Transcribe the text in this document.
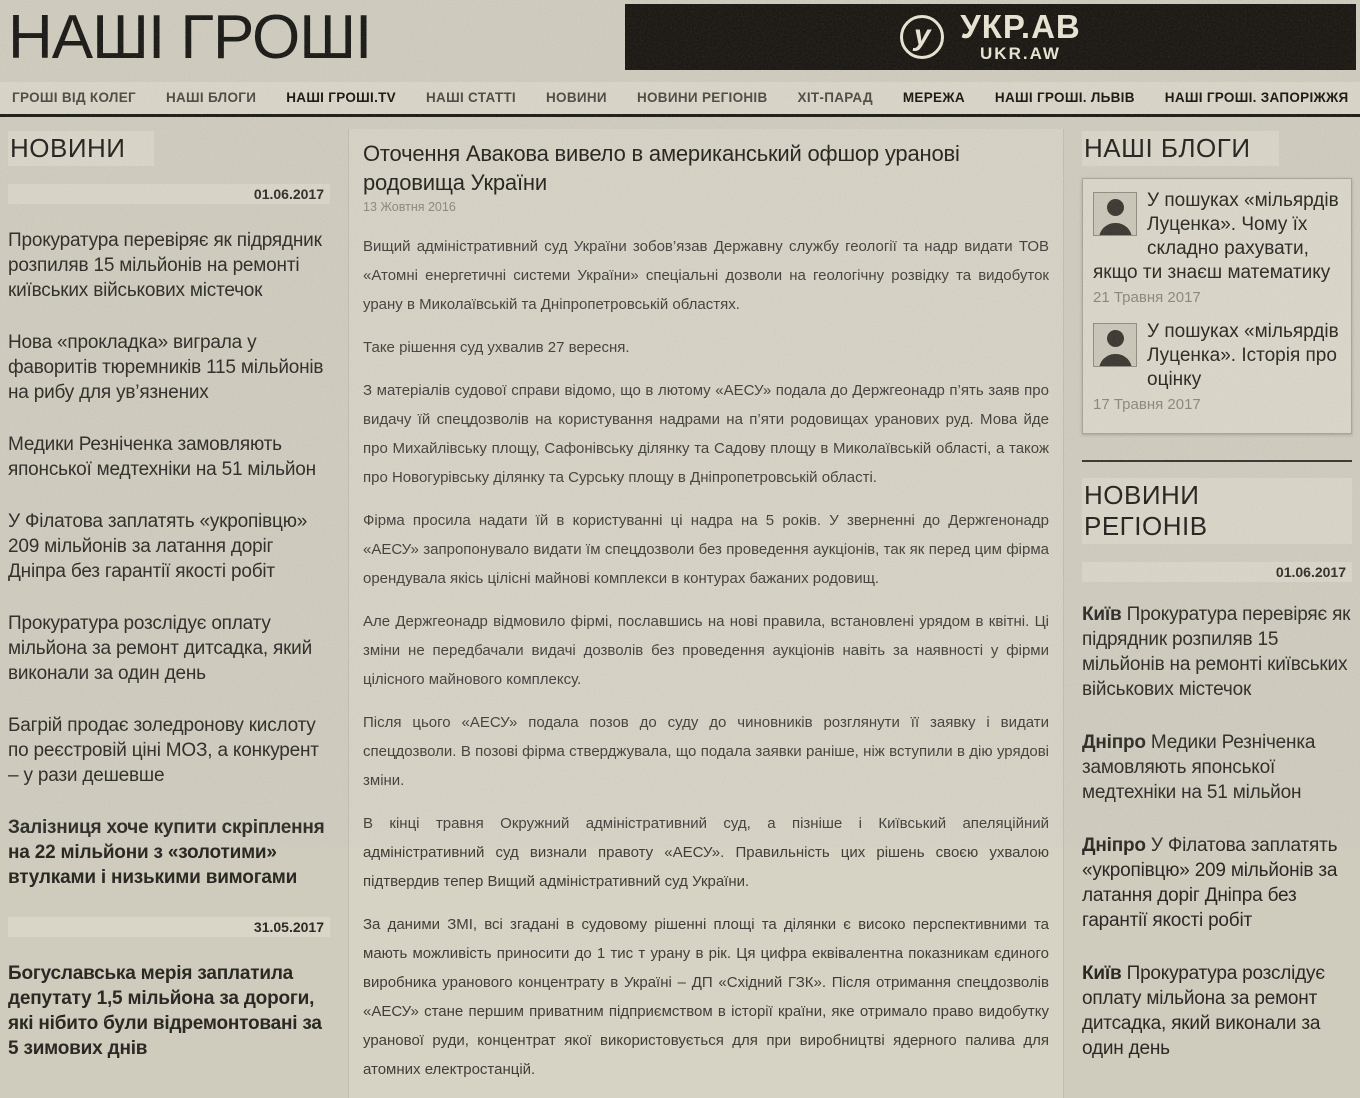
НАШІ ГРОШІ	у УКР.АВ
UKR.AW
ГРОШІ ВІД КОЛЕГ НАШІ БЛОГИ НАШІ ГРОШІ.TV НАШІ СТАТТІ НОВИНИ НОВИНИ РЕГІОНІВ ХІТ-ПАРАД МЕРЕЖА НАШІ ГРОШІ. ЛЬВІВ НАШІ ГРОШІ. ЗАПОРІЖЖЯ
НОВИНИ
01.06.2017
Прокуратура перевіряє як підрядник розпиляв 15 мільйонів на ремонті київських військових містечок
Нова «прокладка» виграла у фаворитів тюремників 115 мільйонів на рибу для ув’язнених
Медики Резніченка замовляють японської медтехніки на 51 мільйон
У Філатова заплатять «укропівцю» 209 мільйонів за латання доріг Дніпра без гарантії якості робіт
Прокуратура розслідує оплату мільйона за ремонт дитсадка, який виконали за один день
Багрій продає золедронову кислоту по реєстровій ціні МОЗ, а конкурент – у рази дешевше
Залізниця хоче купити скріплення на 22 мільйони з «золотими» втулками і низькими вимогами
31.05.2017
Богуславська мерія заплатила депутату 1,5 мільйона за дороги, які нібито були відремонтовані за 5 зимових днів
Оточення Авакова вивело в американський офшор уранові родовища України
13 Жовтня 2016

Вищий адміністративний суд України зобов’язав Державну службу геології та надр видати ТОВ «Атомні енергетичні системи України» спеціальні дозволи на геологічну розвідку та видобуток урану в Миколаївській та Дніпропетровській областях.

Таке рішення суд ухвалив 27 вересня.

З матеріалів судової справи відомо, що в лютому «АЕСУ» подала до Держгеонадр п’ять заяв про видачу їй спецдозволів на користування надрами на п’яти родовищах уранових руд. Мова йде про Михайлівську площу, Сафонівську ділянку та Садову площу в Миколаївській області, а також про Новогурівську ділянку та Сурську площу в Дніпропетровській області.

Фірма просила надати їй в користуванні ці надра на 5 років. У зверненні до Держгенонадр «АЕСУ» запропонувало видати їм спецдозволи без проведення аукціонів, так як перед цим фірма орендувала якісь цілісні майнові комплекси в контурах бажаних родовищ.

Але Держгеонадр відмовило фірмі, пославшись на нові правила, встановлені урядом в квітні. Ці зміни не передбачали видачі дозволів без проведення аукціонів навіть за наявності у фірми цілісного майнового комплексу.

Після цього «АЕСУ» подала позов до суду до чиновників розглянути її заявку і видати спецдозволи. В позові фірма стверджувала, що подала заявки раніше, ніж вступили в дію урядові зміни.

В кінці травня Окружний адміністративний суд, а пізніше і Київський апеляційний адміністративний суд визнали правоту «АЕСУ». Правильність цих рішень своєю ухвалою підтвердив тепер Вищий адміністративний суд України.

За даними ЗМІ, всі згадані в судовому рішенні площі та ділянки є високо перспективними та мають можливість приносити до 1 тис т урану в рік. Ця цифра еквівалентна показникам єдиного виробника уранового концентрату в Україні – ДП «Східний ГЗК». Після отримання спецдозволів «АЕСУ» стане першим приватним підприємством в історії країни, яке отримало право видобутку уранової руди, концентрат якої використовується для при виробництві ядерного палива для атомних електростанцій.

НАШІ БЛОГИ
У пошуках «мільярдів Луценка». Чому їх складно рахувати, якщо ти знаєш математику
21 Травня 2017
У пошуках «мільярдів Луценка». Історія про оцінку
17 Травня 2017
НОВИНИ РЕГІОНІВ
01.06.2017
Київ Прокуратура перевіряє як підрядник розпиляв 15 мільйонів на ремонті київських військових містечок
Дніпро Медики Резніченка замовляють японської медтехніки на 51 мільйон
Дніпро У Філатова заплатять «укропівцю» 209 мільйонів за латання доріг Дніпра без гарантії якості робіт
Київ Прокуратура розслідує оплату мільйона за ремонт дитсадка, який виконали за один день
